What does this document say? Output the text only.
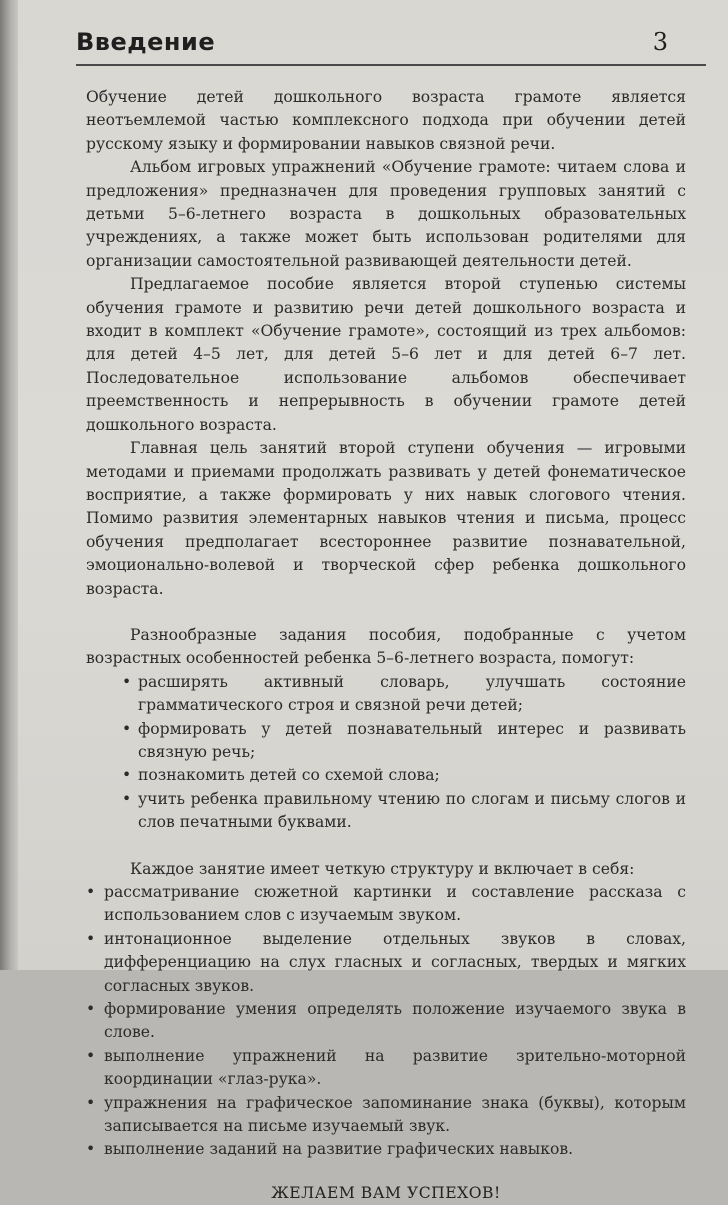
Введение	3

Обучение детей дошкольного возраста грамоте является неотъемлемой частью комплексного подхода при обучении детей русскому языку и формировании навыков связной речи.

Альбом игровых упражнений «Обучение грамоте: читаем слова и предложения» предназначен для проведения групповых занятий с детьми 5–6-летнего возраста в дошкольных образовательных учреждениях, а также может быть использован родителями для организации самостоятельной развивающей деятельности детей.

Предлагаемое пособие является второй ступенью системы обучения грамоте и развитию речи детей дошкольного возраста и входит в комплект «Обучение грамоте», состоящий из трех альбомов: для детей 4–5 лет, для детей 5–6 лет и для детей 6–7 лет. Последовательное использование альбомов обеспечивает преемственность и непрерывность в обучении грамоте детей дошкольного возраста.

Главная цель занятий второй ступени обучения — игровыми методами и приемами продолжать развивать у детей фонематическое восприятие, а также формировать у них навык слогового чтения. Помимо развития элементарных навыков чтения и письма, процесс обучения предполагает всестороннее развитие познавательной, эмоционально-волевой и творческой сфер ребенка дошкольного возраста.

Разнообразные задания пособия, подобранные с учетом возрастных особенностей ребенка 5–6-летнего возраста, помогут:

• расширять активный словарь, улучшать состояние грамматического строя и связной речи детей;
• формировать у детей познавательный интерес и развивать связную речь;
• познакомить детей со схемой слова;
• учить ребенка правильному чтению по слогам и письму слогов и слов печатными буквами.

Каждое занятие имеет четкую структуру и включает в себя:

• рассматривание сюжетной картинки и составление рассказа с использованием слов с изучаемым звуком.
• интонационное выделение отдельных звуков в словах, дифференциацию на слух гласных и согласных, твердых и мягких согласных звуков.
• формирование умения определять положение изучаемого звука в слове.
• выполнение упражнений на развитие зрительно-моторной координации «глаз-рука».
• упражнения на графическое запоминание знака (буквы), которым записывается на письме изучаемый звук.
• выполнение заданий на развитие графических навыков.
ЖЕЛАЕМ ВАМ УСПЕХОВ!
